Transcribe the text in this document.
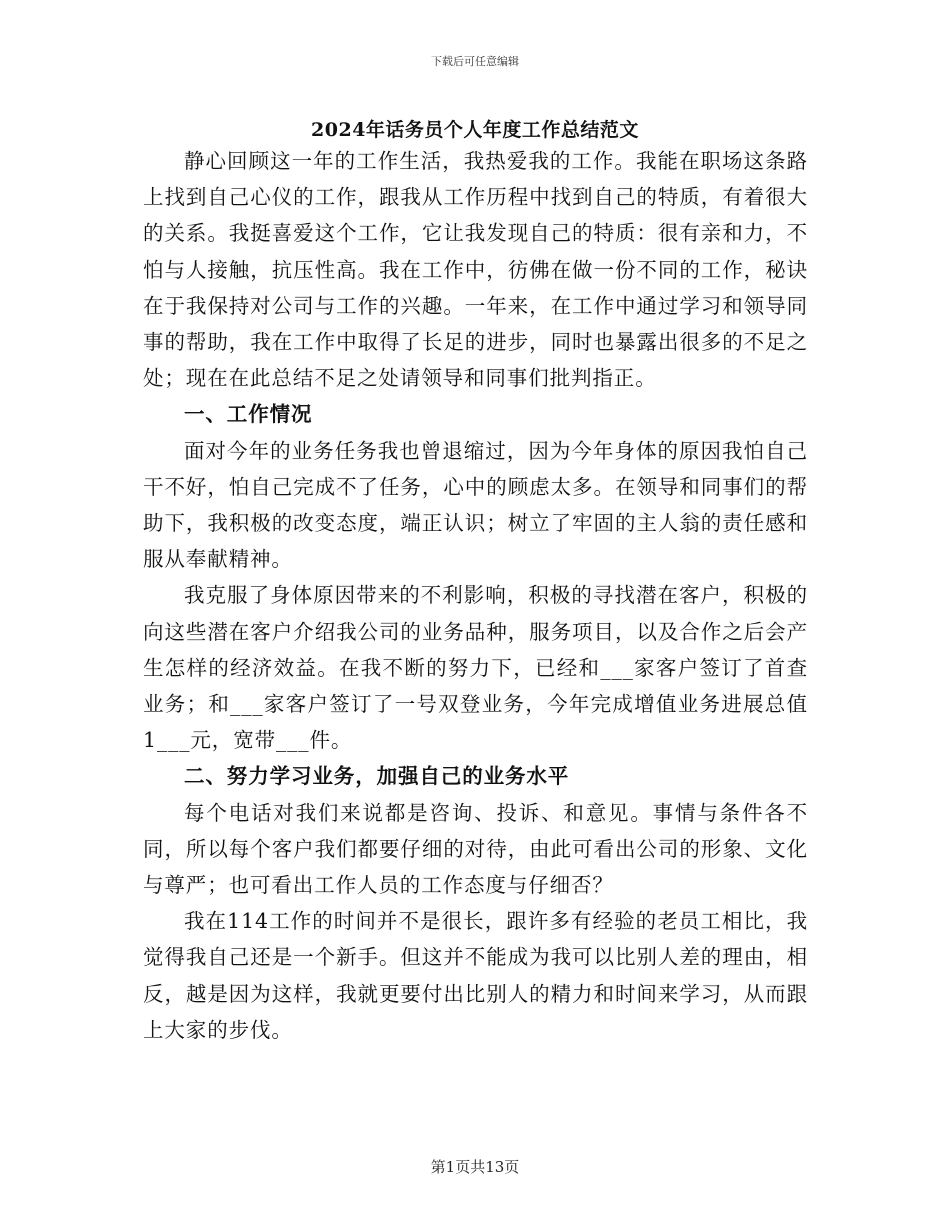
下载后可任意编辑
2024年话务员个人年度工作总结范文

静心回顾这一年的工作生活，我热爱我的工作。我能在职场这条路上找到自己心仪的工作，跟我从工作历程中找到自己的特质，有着很大的关系。我挺喜爱这个工作，它让我发现自己的特质：很有亲和力，不怕与人接触，抗压性高。我在工作中，彷佛在做一份不同的工作，秘诀在于我保持对公司与工作的兴趣。一年来，在工作中通过学习和领导同事的帮助，我在工作中取得了长足的进步，同时也暴露出很多的不足之处；现在在此总结不足之处请领导和同事们批判指正。

一、工作情况

面对今年的业务任务我也曾退缩过，因为今年身体的原因我怕自己干不好，怕自己完成不了任务，心中的顾虑太多。在领导和同事们的帮助下，我积极的改变态度，端正认识；树立了牢固的主人翁的责任感和服从奉献精神。

我克服了身体原因带来的不利影响，积极的寻找潜在客户，积极的向这些潜在客户介绍我公司的业务品种，服务项目，以及合作之后会产生怎样的经济效益。在我不断的努力下，已经和___家客户签订了首查业务；和___家客户签订了一号双登业务，今年完成增值业务进展总值1___元，宽带___件。

二、努力学习业务，加强自己的业务水平

每个电话对我们来说都是咨询、投诉、和意见。事情与条件各不同，所以每个客户我们都要仔细的对待，由此可看出公司的形象、文化与尊严；也可看出工作人员的工作态度与仔细否？

我在114工作的时间并不是很长，跟许多有经验的老员工相比，我觉得我自己还是一个新手。但这并不能成为我可以比别人差的理由，相反，越是因为这样，我就更要付出比别人的精力和时间来学习，从而跟上大家的步伐。

第1页共13页
